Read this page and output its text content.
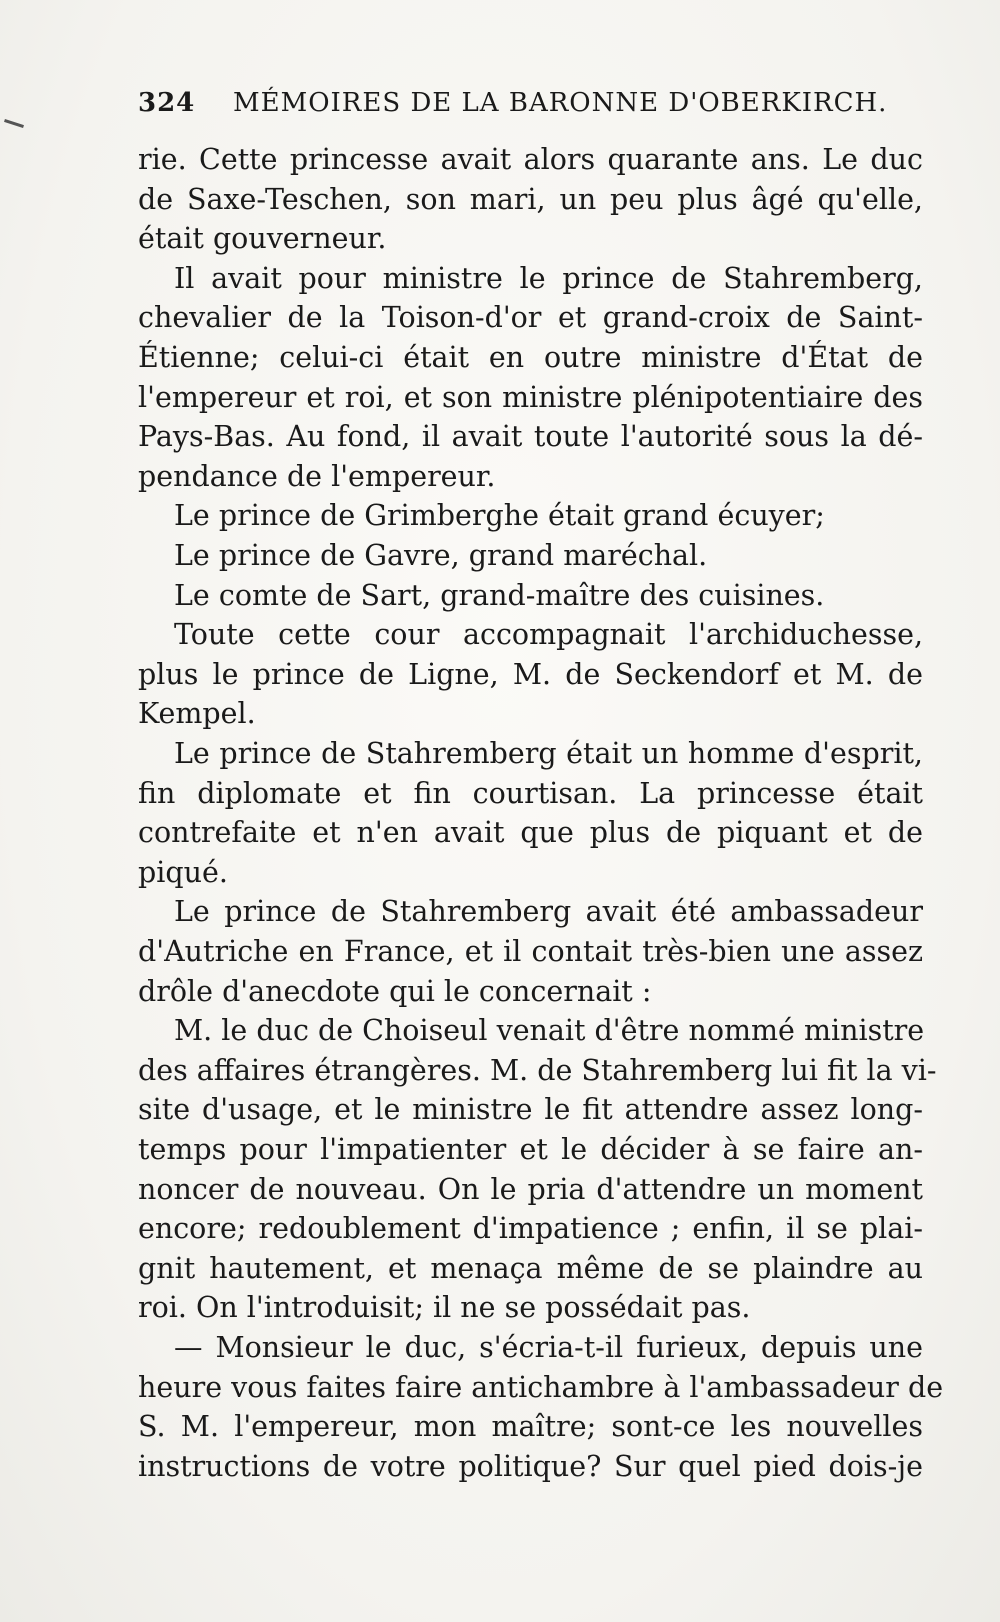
324 MÉMOIRES DE LA BARONNE D'OBERKIRCH.
rie. Cette princesse avait alors quarante ans. Le duc
de Saxe-Teschen, son mari, un peu plus âgé qu'elle,
était gouverneur.
Il avait pour ministre le prince de Stahremberg,
chevalier de la Toison-d'or et grand-croix de Saint-
Étienne; celui-ci était en outre ministre d'État de
l'empereur et roi, et son ministre plénipotentiaire des
Pays-Bas. Au fond, il avait toute l'autorité sous la dé-
pendance de l'empereur.
Le prince de Grimberghe était grand écuyer;
Le prince de Gavre, grand maréchal.
Le comte de Sart, grand-maître des cuisines.
Toute cette cour accompagnait l'archiduchesse,
plus le prince de Ligne, M. de Seckendorf et M. de
Kempel.
Le prince de Stahremberg était un homme d'esprit,
fin diplomate et fin courtisan. La princesse était
contrefaite et n'en avait que plus de piquant et de
piqué.
Le prince de Stahremberg avait été ambassadeur
d'Autriche en France, et il contait très-bien une assez
drôle d'anecdote qui le concernait :
M. le duc de Choiseul venait d'être nommé ministre
des affaires étrangères. M. de Stahremberg lui fit la vi-
site d'usage, et le ministre le fit attendre assez long-
temps pour l'impatienter et le décider à se faire an-
noncer de nouveau. On le pria d'attendre un moment
encore; redoublement d'impatience ; enfin, il se plai-
gnit hautement, et menaça même de se plaindre au
roi. On l'introduisit; il ne se possédait pas.
— Monsieur le duc, s'écria-t-il furieux, depuis une
heure vous faites faire antichambre à l'ambassadeur de
S. M. l'empereur, mon maître; sont-ce les nouvelles
instructions de votre politique? Sur quel pied dois-je
